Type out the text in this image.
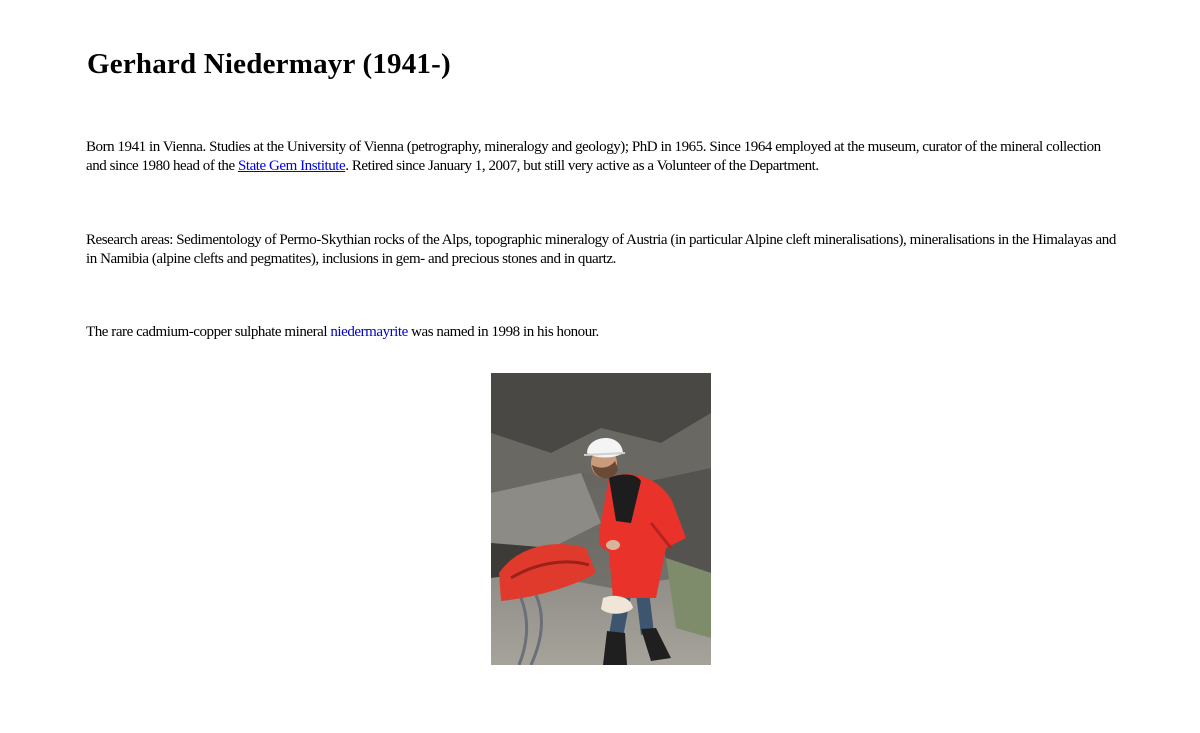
Gerhard Niedermayr (1941-)

Born 1941 in Vienna. Studies at the University of Vienna (petrography, mineralogy and geology); PhD in 1965. Since 1964 employed at the museum, curator of the mineral collection and since 1980 head of the State Gem Institute. Retired since January 1, 2007, but still very active as a Volunteer of the Department.

Research areas: Sedimentology of Permo-Skythian rocks of the Alps, topographic mineralogy of Austria (in particular Alpine cleft mineralisations), mineralisations in the Himalayas and in Namibia (alpine clefts and pegmatites), inclusions in gem- and precious stones and in quartz.

The rare cadmium-copper sulphate mineral niedermayrite was named in 1998 in his honour.
